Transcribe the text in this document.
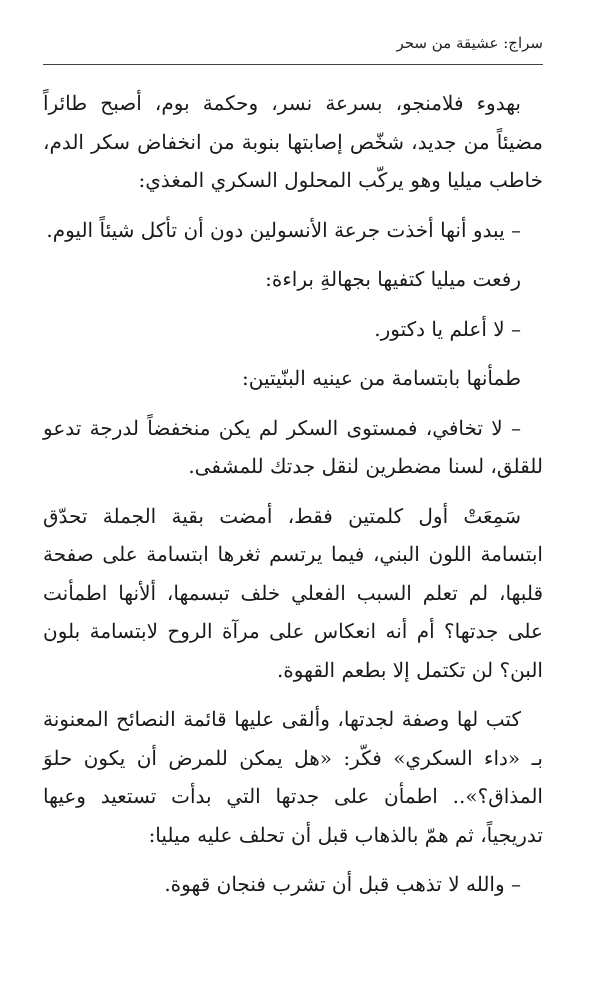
سراج: عشيقة من سحر

بهدوء فلامنجو، بسرعة نسر، وحكمة بوم، أصبح طائراً مضيئاً من جديد، شخّص إصابتها بنوبة من انخفاض سكر الدم، خاطب ميليا وهو يركّب المحلول السكري المغذي:

– يبدو أنها أخذت جرعة الأنسولين دون أن تأكل شيئاً اليوم.

رفعت ميليا كتفيها بجهالةِ براءة:

– لا أعلم يا دكتور.

طمأنها بابتسامة من عينيه البنّيتين:

– لا تخافي، فمستوى السكر لم يكن منخفضاً لدرجة تدعو للقلق، لسنا مضطرين لنقل جدتك للمشفى.

سَمِعَتْ أول كلمتين فقط، أمضت بقية الجملة تحدّق ابتسامة اللون البني، فيما يرتسم ثغرها ابتسامة على صفحة قلبها، لم تعلم السبب الفعلي خلف تبسمها، ألأنها اطمأنت على جدتها؟ أم أنه انعكاس على مرآة الروح لابتسامة بلون البن؟ لن تكتمل إلا بطعم القهوة.

كتب لها وصفة لجدتها، وألقى عليها قائمة النصائح المعنونة بـ «داء السكري» فكّر: «هل يمكن للمرض أن يكون حلوَ المذاق؟».. اطمأن على جدتها التي بدأت تستعيد وعيها تدريجياً، ثم همّ بالذهاب قبل أن تحلف عليه ميليا:

– والله لا تذهب قبل أن تشرب فنجان قهوة.
